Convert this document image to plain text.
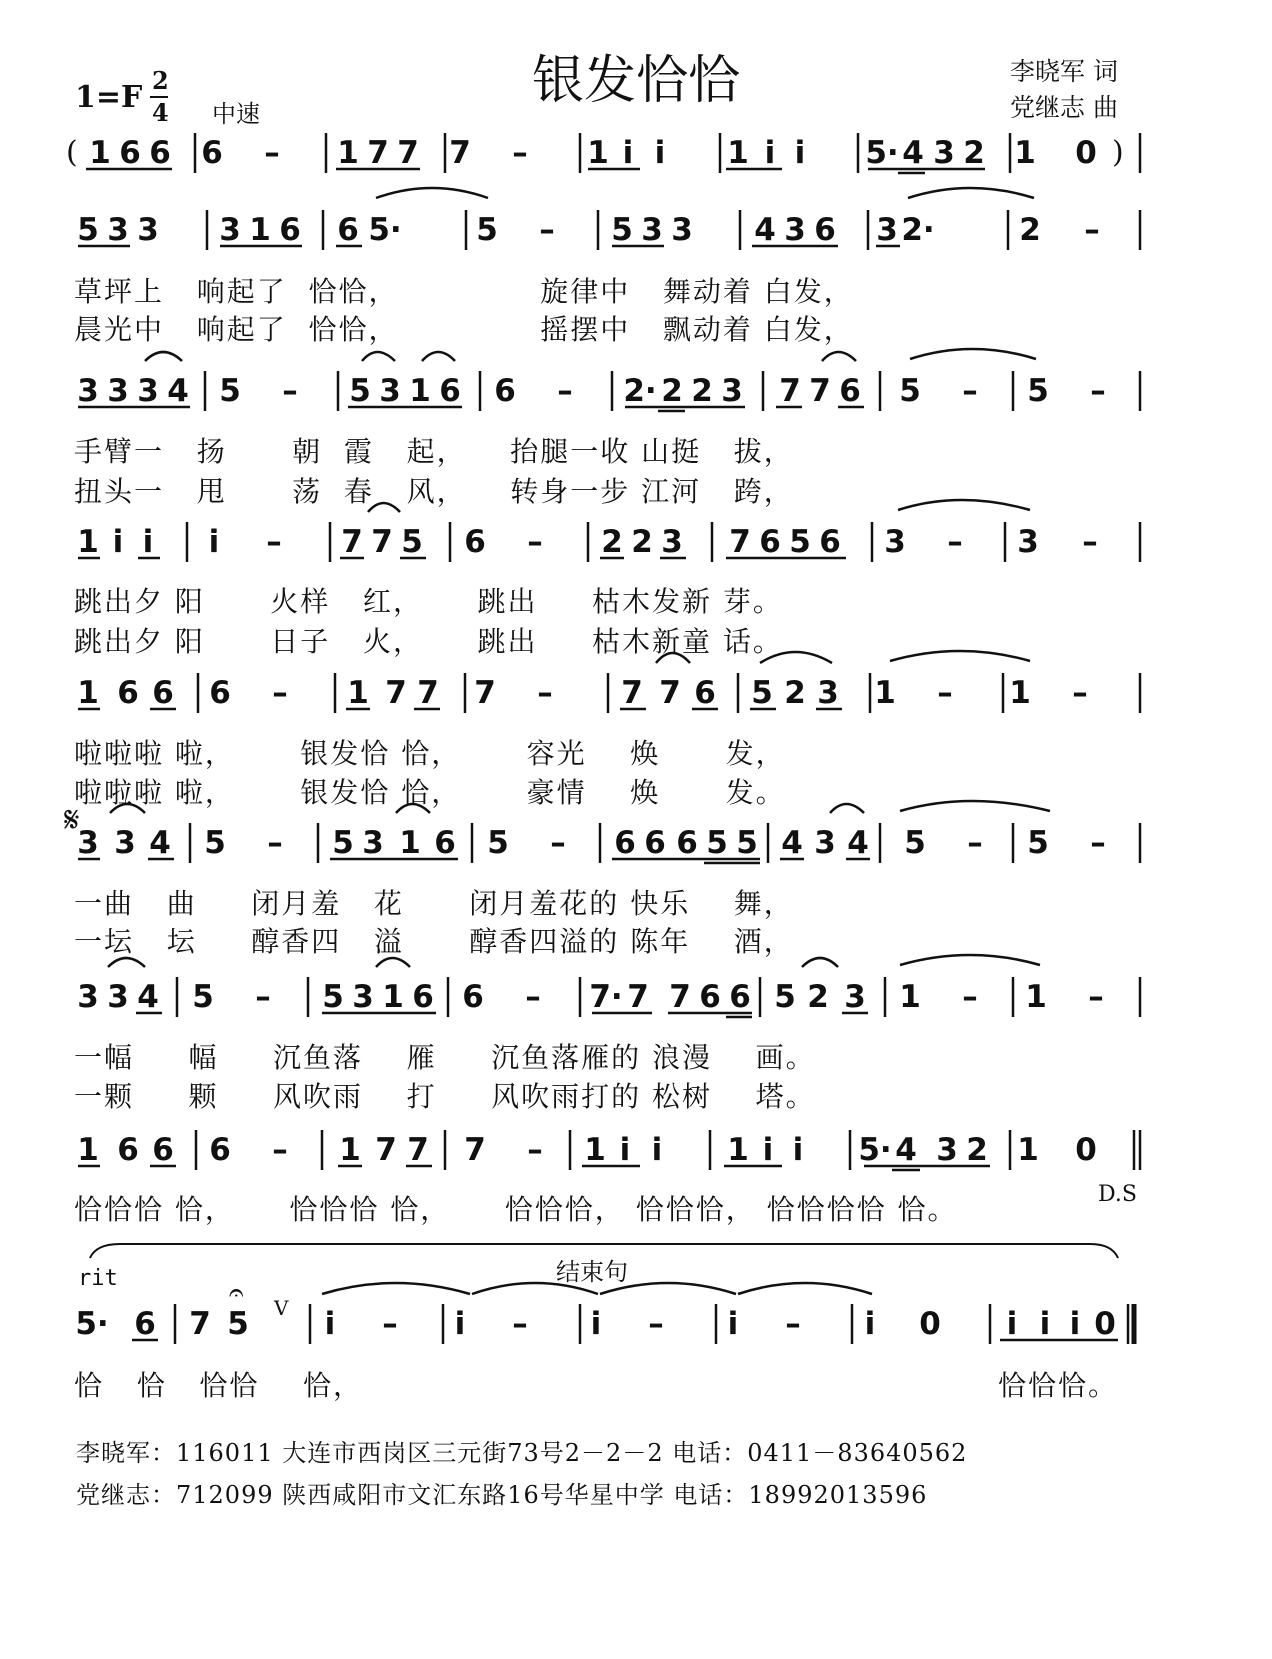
银发恰恰	李晓军 词
党继志 曲
1=F 2
4 中速
(	)
1 6 6 6 – 1 7 7 7 – 1 i i 1 i i 5· 4 3 2 1 0
5 3 3 3 1 6 6 5· 5 – 5 3 3 4 3 6 3 2·	2 –
3 3 3 4 5 – 5 3 1 6 6 – 2· 2 2 3 7 7 6 5 – 5 –
1 i i i – 7 7 5 6 – 2 2 3 7 6 5 6 3 – 3 –
1 6 6 6 – 1 7 7 7 – 7 7 6 5 2 3 1 – 1 –
𝄋
3 3 4 5 – 5 3 1 6 5 – 6 6 6 5 5 4 3 4 5 – 5 –
3 3 4 5 – 5 3 1 6 6 – 7· 7 7 6 6 5 2 3 1 – 1 –
1 6 6 6 – 1 7 7 7 – 1 i i 1 i i 5· 4 3 2 1 0
D.S
结束句
rit	𝄐 V
5· 6 7 5 i – i – i – i – i 0 i i i 0
草坪上   响起了  恰恰，             旋律中   舞动着 白发，
晨光中   响起了  恰恰，             摇摆中   飘动着 白发，
手臂一   扬      朝  霞   起，    抬腿一收 山挺   拔，
扭头一   甩      荡  春   风，    转身一步 江河   跨，
跳出夕 阳      火样   红，     跳出     枯木发新 芽。
跳出夕 阳      日子   火，     跳出     枯木新童 话。
啦啦啦 啦，      银发恰 恰，      容光    焕      发，
啦啦啦 啦，      银发恰 恰，      豪情    焕      发。
一曲   曲     闭月羞   花      闭月羞花的 快乐    舞，
一坛   坛     醇香四   溢      醇香四溢的 陈年    酒，
一幅     幅     沉鱼落    雁     沉鱼落雁的 浪漫    画。
一颗     颗     风吹雨    打     风吹雨打的 松树    塔。
恰恰恰 恰，     恰恰恰 恰，     恰恰恰， 恰恰恰， 恰恰恰恰 恰。
恰   恰   恰恰    恰，	恰恰恰。
李晓军：116011 大连市西岗区三元街73号2－2－2 电话：0411－83640562
党继志：712099 陕西咸阳市文汇东路16号华星中学 电话：18992013596
